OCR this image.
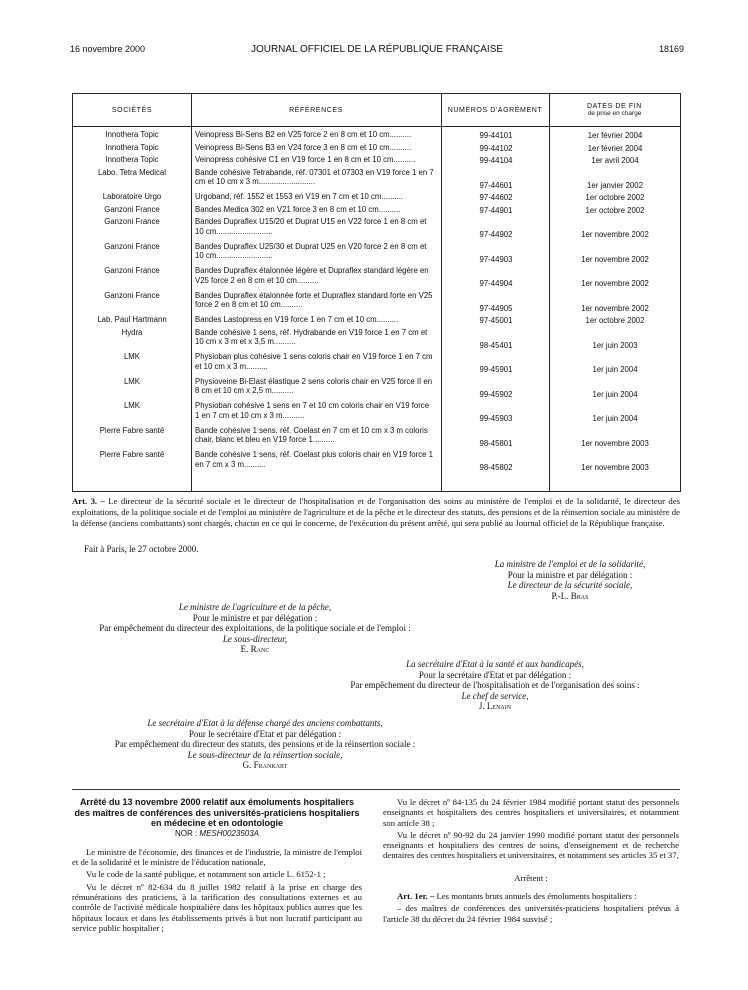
16 novembre 2000	JOURNAL OFFICIEL DE LA RÉPUBLIQUE FRANÇAISE	18169
SOCIÉTÉS	RÉFÉRENCES	NUMÉROS D'AGRÉMENT	DATES DE FIN
de prise en charge
Innothera Topic	Veinopress Bi-Sens B2 en V25 force 2 en 8 cm et 10 cm..........	99-44101	1er février 2004
Innothera Topic	Veinopress Bi-Sens B3 en V24 force 3 en 8 cm et 10 cm..........	99-44102	1er février 2004
Innothera Topic	Veinopress cohésive C1 en V19 force 1 en 8 cm et 10 cm..........	99-44104	1er avril 2004
Labo. Tetra Medical	Bande cohésive Tetrabande, réf. 07301 et 07303 en V19 force 1 en 7 cm et 10 cm x 3 m..........................	97-44601	1er janvier 2002
Laboratoire Urgo	Urgoband, réf. 1552 et 1553 en V19 en 7 cm et 10 cm..........	97-44602	1er octobre 2002
Ganzoni France	Bandes Medica 302 en V21 force 3 en 8 cm et 10 cm..........	97-44901	1er octobre 2002
Ganzoni France	Bandes Dupraflex U15/20 et Duprat U15 en V22 force 1 en 8 cm et 10 cm..........................	97-44902	1er novembre 2002
Ganzoni France	Bandes Dupraflex U25/30 et Duprat U25 en V20 force 2 en 8 cm et 10 cm..........................	97-44903	1er novembre 2002
Ganzoni France	Bandes Dupraflex étalonnée légère et Dupraflex standard légère en V25 force 2 en 8 cm et 10 cm..........	97-44904	1er novembre 2002
Ganzoni France	Bandes Dupraflex étalonnée forte et Dupraflex standard forte en V25 force 2 en 8 cm et 10 cm..........	97-44905	1er novembre 2002
Lab. Paul Hartmann	Bandes Lastopress en V19 force 1 en 7 cm et 10 cm..........	97-45001	1er octobre 2002
Hydra	Bande cohésive 1 sens, réf. Hydrabande en V19 force 1 en 7 cm et 10 cm x 3 m et x 3,5 m..........	98-45401	1er juin 2003
LMK	Physioban plus cohésive 1 sens coloris chair en V19 force 1 en 7 cm et 10 cm x 3 m..........	99-45901	1er juin 2004
LMK	Physioveine Bi-Elast élastique 2 sens coloris chair en V25 force II en 8 cm et 10 cm x 2,5 m..........	99-45902	1er juin 2004
LMK	Physioban cohésive 1 sens en 7 et 10 cm coloris chair en V19 force 1 en 7 cm et 10 cm x 3 m..........	99-45903	1er juin 2004
Pierre Fabre santé	Bande cohésive 1 sens, réf. Coelast en 7 cm et 10 cm x 3 m coloris chair, blanc et bleu en V19 force 1..........	98-45801	1er novembre 2003
Pierre Fabre santé	Bande cohésive 1 sens, réf. Coelast plus coloris chair en V19 force 1 en 7 cm x 3 m..........	98-45802	1er novembre 2003
Art. 3. – Le directeur de la sécurité sociale et le directeur de l'hospitalisation et de l'organisation des soins au ministère de l'emploi et de la solidarité, le directeur des exploitations, de la politique sociale et de l'emploi au ministère de l'agriculture et de la pêche et le directeur des statuts, des pensions et de la réinsertion sociale au ministère de la défense (anciens combattants) sont chargés, chacun en ce qui le concerne, de l'exécution du présent arrêté, qui sera publié au Journal officiel de la République française.
Fait à Paris, le 27 octobre 2000.
La ministre de l'emploi et de la solidarité,
Pour la ministre et par délégation :
Le directeur de la sécurité sociale,
P.-L. Bras
Le ministre de l'agriculture et de la pêche,
Pour le ministre et par délégation :
Par empêchement du directeur des exploitations, de la politique sociale et de l'emploi :
Le sous-directeur,
E. Ranc
La secrétaire d'Etat à la santé et aux handicapés,
Pour la secrétaire d'Etat et par délégation :
Par empêchement du directeur de l'hospitalisation et de l'organisation des soins :
Le chef de service,
J. Lenain
Le secrétaire d'Etat à la défense chargé des anciens combattants,
Pour le secrétaire d'Etat et par délégation :
Par empêchement du directeur des statuts, des pensions et de la réinsertion sociale :
Le sous-directeur de la réinsertion sociale,
G. Frankart
Arrêté du 13 novembre 2000 relatif aux émoluments hospitaliers des maîtres de conférences des universités-praticiens hospitaliers en médecine et en odontologie
NOR : MESH0023503A

Le ministre de l'économie, des finances et de l'industrie, la ministre de l'emploi et de la solidarité et le ministre de l'éducation nationale,

Vu le code de la santé publique, et notamment son article L. 6152-1 ;

Vu le décret nº 82-634 du 8 juillet 1982 relatif à la prise en charge des rémunérations des praticiens, à la tarification des consultations externes et au contrôle de l'activité médicale hospitalière dans les hôpitaux publics autres que les hôpitaux locaux et dans les établissements privés à but non lucratif participant au service public hospitalier ;

Vu le décret nº 84-135 du 24 février 1984 modifié portant statut des personnels enseignants et hospitaliers des centres hospitaliers et universitaires, et notamment son article 38 ;

Vu le décret nº 90-92 du 24 janvier 1990 modifié portant statut des personnels enseignants et hospitaliers des centres de soins, d'enseignement et de recherche dentaires des centres hospitaliers et universitaires, et notamment ses articles 35 et 37,

Arrêtent :

Art. 1er. – Les montants bruts annuels des émoluments hospitaliers :

– des maîtres de conférences des universités-praticiens hospitaliers prévus à l'article 38 du décret du 24 février 1984 susvisé ;
